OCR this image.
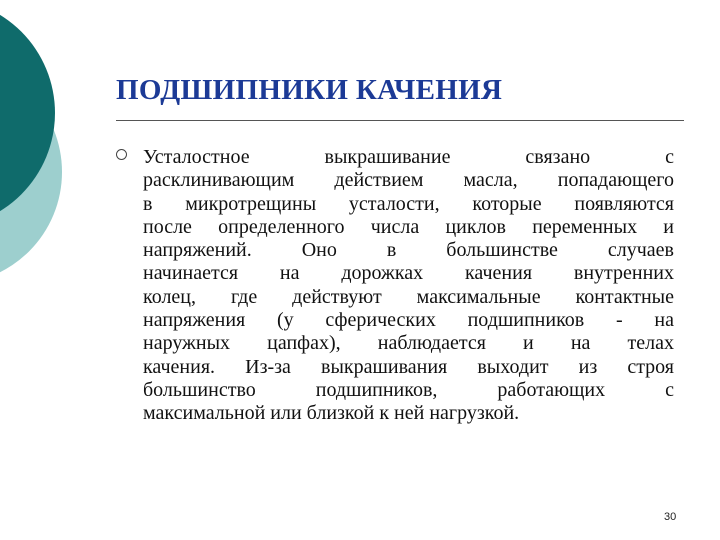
ПОДШИПНИКИ КАЧЕНИЯ
Усталостное выкрашивание связано с
расклинивающим действием масла, попадающего
в микротрещины усталости, которые появляются
после определенного числа циклов переменных и
напряжений. Оно в большинстве случаев
начинается на дорожках качения внутренних
колец, где действуют максимальные контактные
напряжения (у сферических подшипников - на
наружных цапфах), наблюдается и на телах
качения. Из-за выкрашивания выходит из строя
большинство подшипников, работающих с
максимальной или близкой к ней нагрузкой.
30
